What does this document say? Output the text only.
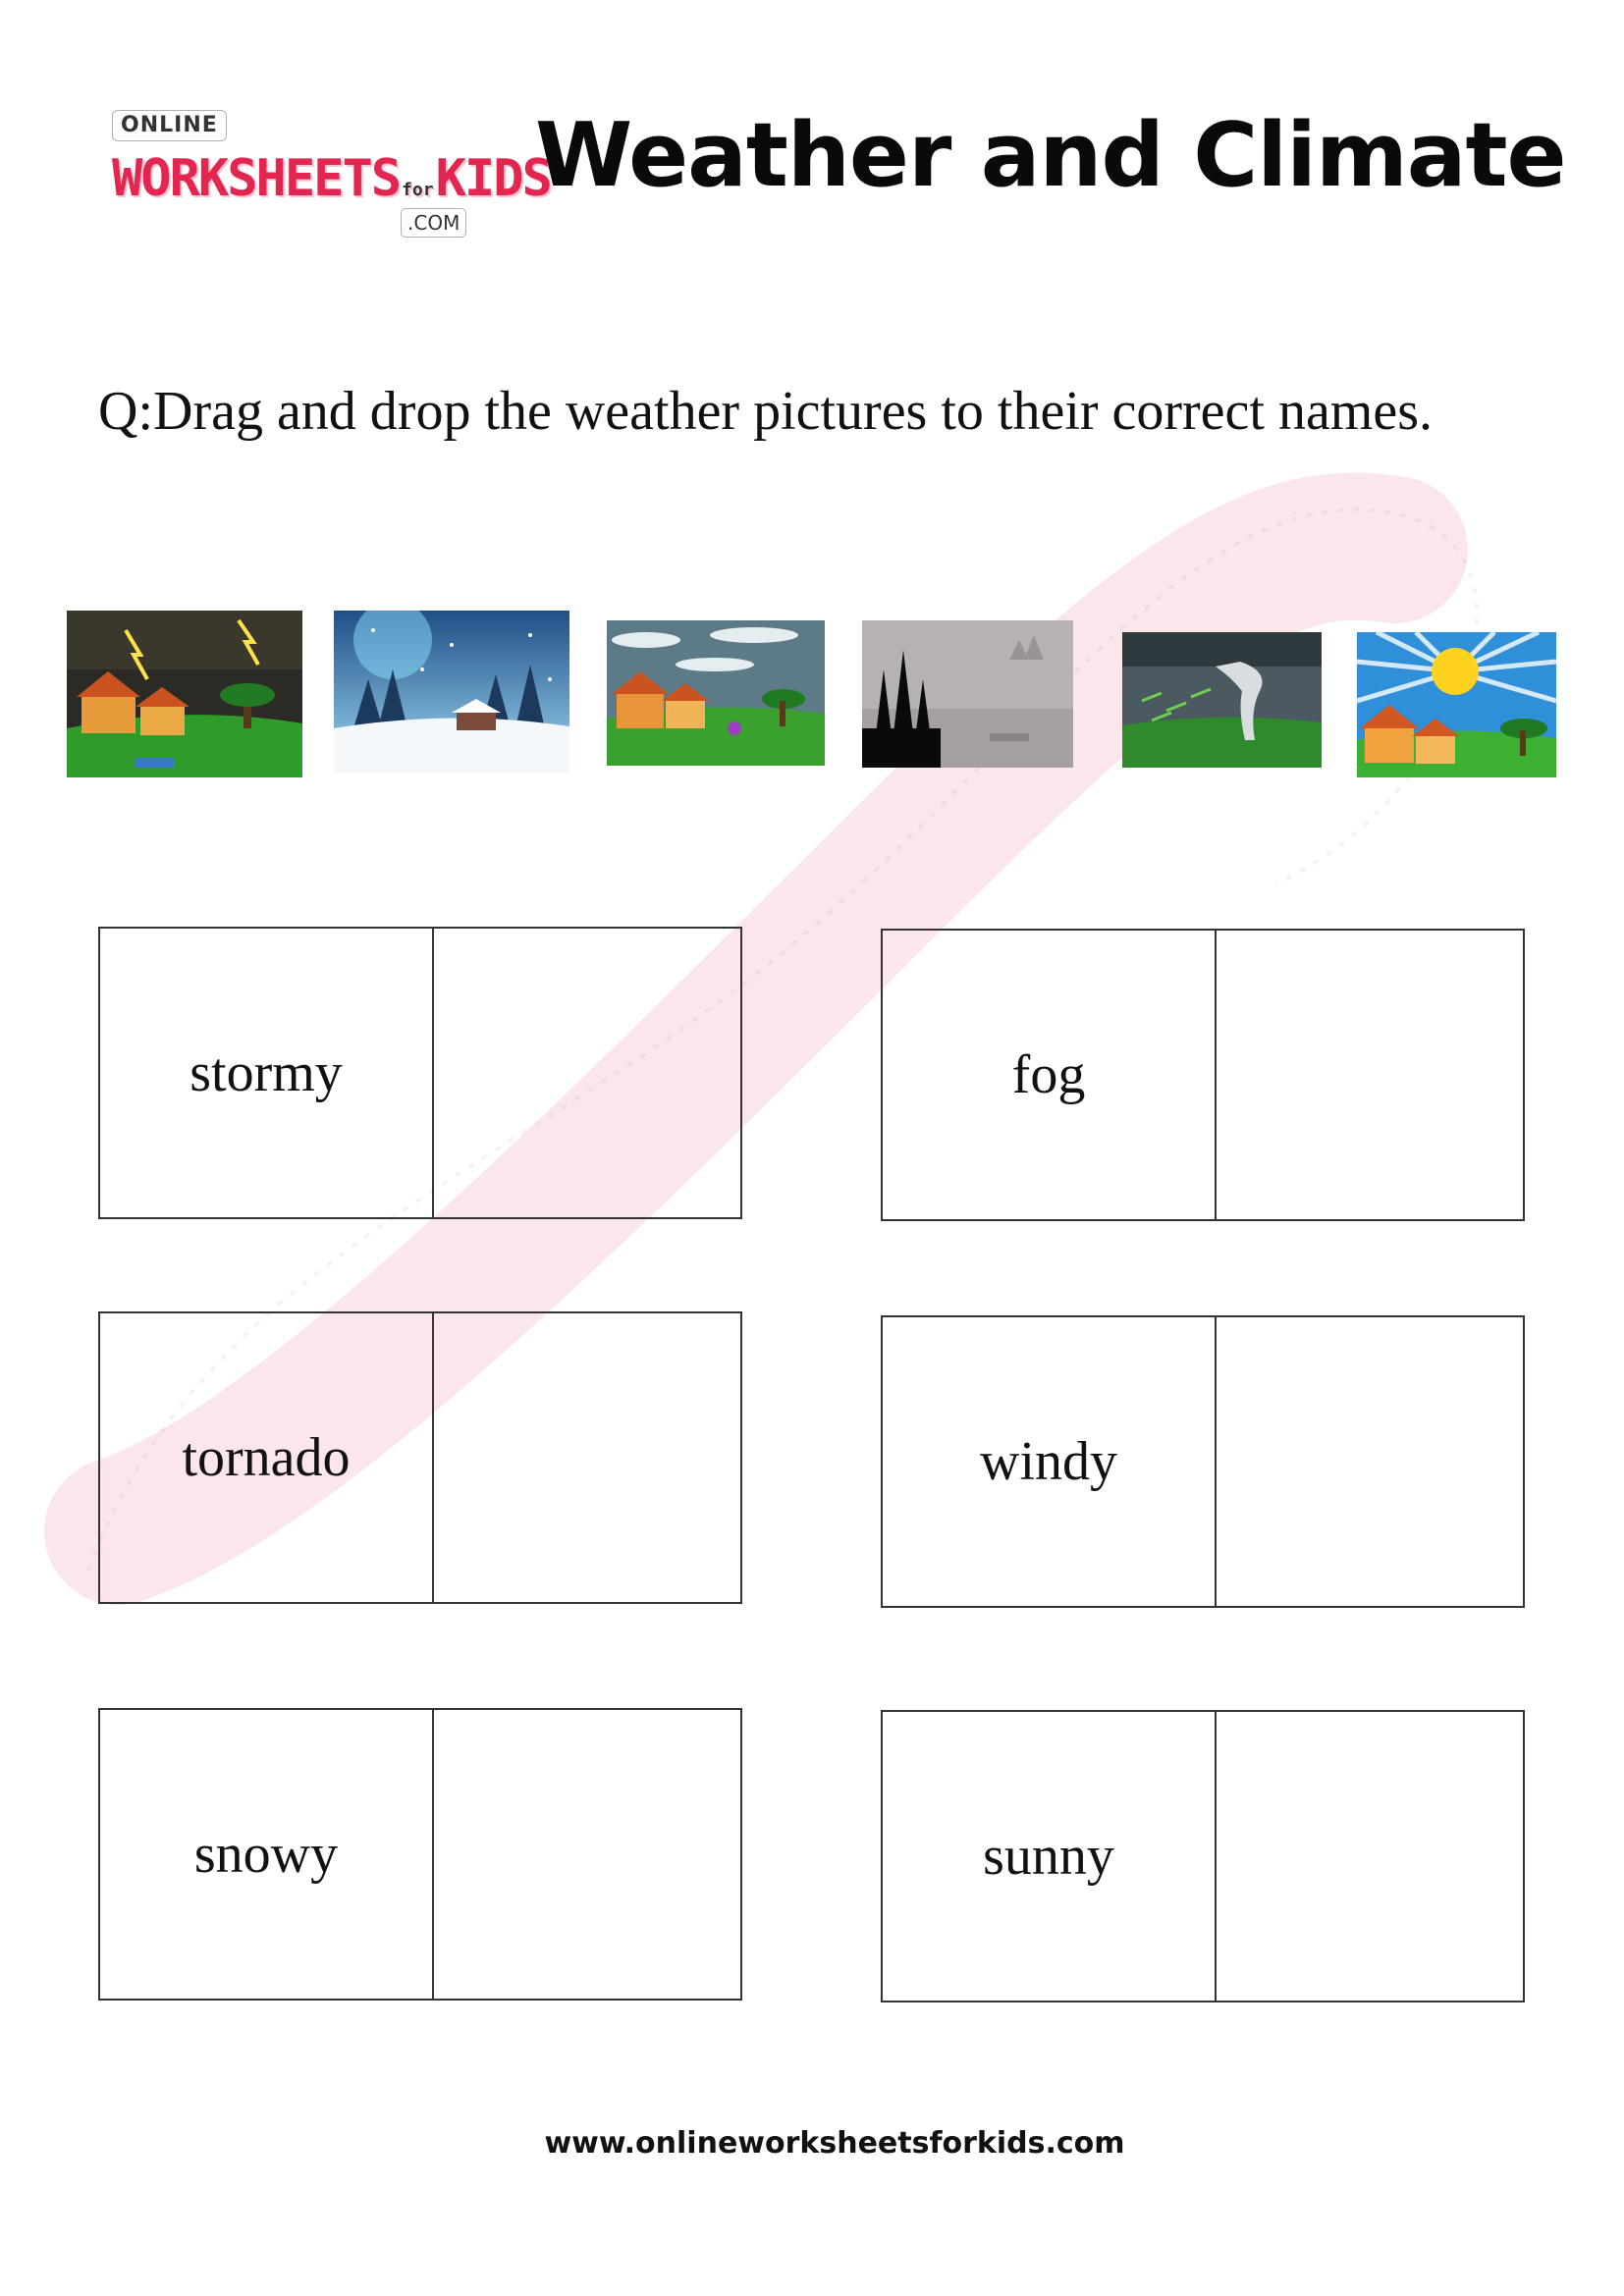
ONLINE
WORKSHEETS forKIDS
.COM
Weather and Climate
Q:Drag and drop the weather pictures to their correct names.
stormy	fog
tornado	windy
snowy	sunny
www.onlineworksheetsforkids.com
